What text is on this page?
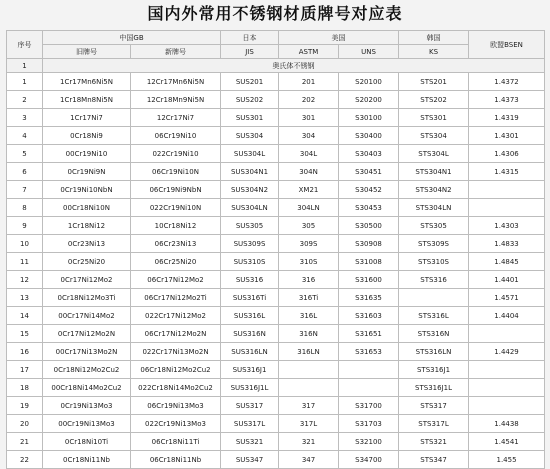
国内外常用不锈钢材质牌号对应表
序号	中国GB		日本	美国		韩国	欧盟BSEN
	旧牌号	新牌号	JIS	ASTM	UNS	KS	
1	奥氏体不锈钢						
1	1Cr17Mn6Ni5N	12Cr17Mn6Ni5N	SUS201	201	S20100	STS201	1.4372
2	1Cr18Mn8Ni5N	12Cr18Mn9Ni5N	SUS202	202	S20200	STS202	1.4373
3	1Cr17Ni7	12Cr17Ni7	SUS301	301	S30100	STS301	1.4319
4	0Cr18Ni9	06Cr19Ni10	SUS304	304	S30400	STS304	1.4301
5	00Cr19Ni10	022Cr19Ni10	SUS304L	304L	S30403	STS304L	1.4306
6	0Cr19Ni9N	06Cr19Ni10N	SUS304N1	304N	S30451	STS304N1	1.4315
7	0Cr19Ni10NbN	06Cr19Ni9NbN	SUS304N2	XM21	S30452	STS304N2	
8	00Cr18Ni10N	022Cr19Ni10N	SUS304LN	304LN	S30453	STS304LN	
9	1Cr18Ni12	10Cr18Ni12	SUS305	305	S30500	STS305	1.4303
10	0Cr23Ni13	06Cr23Ni13	SUS309S	309S	S30908	STS309S	1.4833
11	0Cr25Ni20	06Cr25Ni20	SUS310S	310S	S31008	STS310S	1.4845
12	0Cr17Ni12Mo2	06Cr17Ni12Mo2	SUS316	316	S31600	STS316	1.4401
13	0Cr18Ni12Mo3Ti	06Cr17Ni12Mo2Ti	SUS316Ti	316Ti	S31635		1.4571
14	00Cr17Ni14Mo2	022Cr17Ni12Mo2	SUS316L	316L	S31603	STS316L	1.4404
15	0Cr17Ni12Mo2N	06Cr17Ni12Mo2N	SUS316N	316N	S31651	STS316N	
16	00Cr17Ni13Mo2N	022Cr17Ni13Mo2N	SUS316LN	316LN	S31653	STS316LN	1.4429
17	0Cr18Ni12Mo2Cu2	06Cr18Ni12Mo2Cu2	SUS316J1			STS316J1	
18	00Cr18Ni14Mo2Cu2	022Cr18Ni14Mo2Cu2	SUS316J1L			STS316J1L	
19	0Cr19Ni13Mo3	06Cr19Ni13Mo3	SUS317	317	S31700	STS317	
20	00Cr19Ni13Mo3	022Cr19Ni13Mo3	SUS317L	317L	S31703	STS317L	1.4438
21	0Cr18Ni10Ti	06Cr18Ni11Ti	SUS321	321	S32100	STS321	1.4541
22	0Cr18Ni11Nb	06Cr18Ni11Nb	SUS347	347	S34700	STS347	1.455
